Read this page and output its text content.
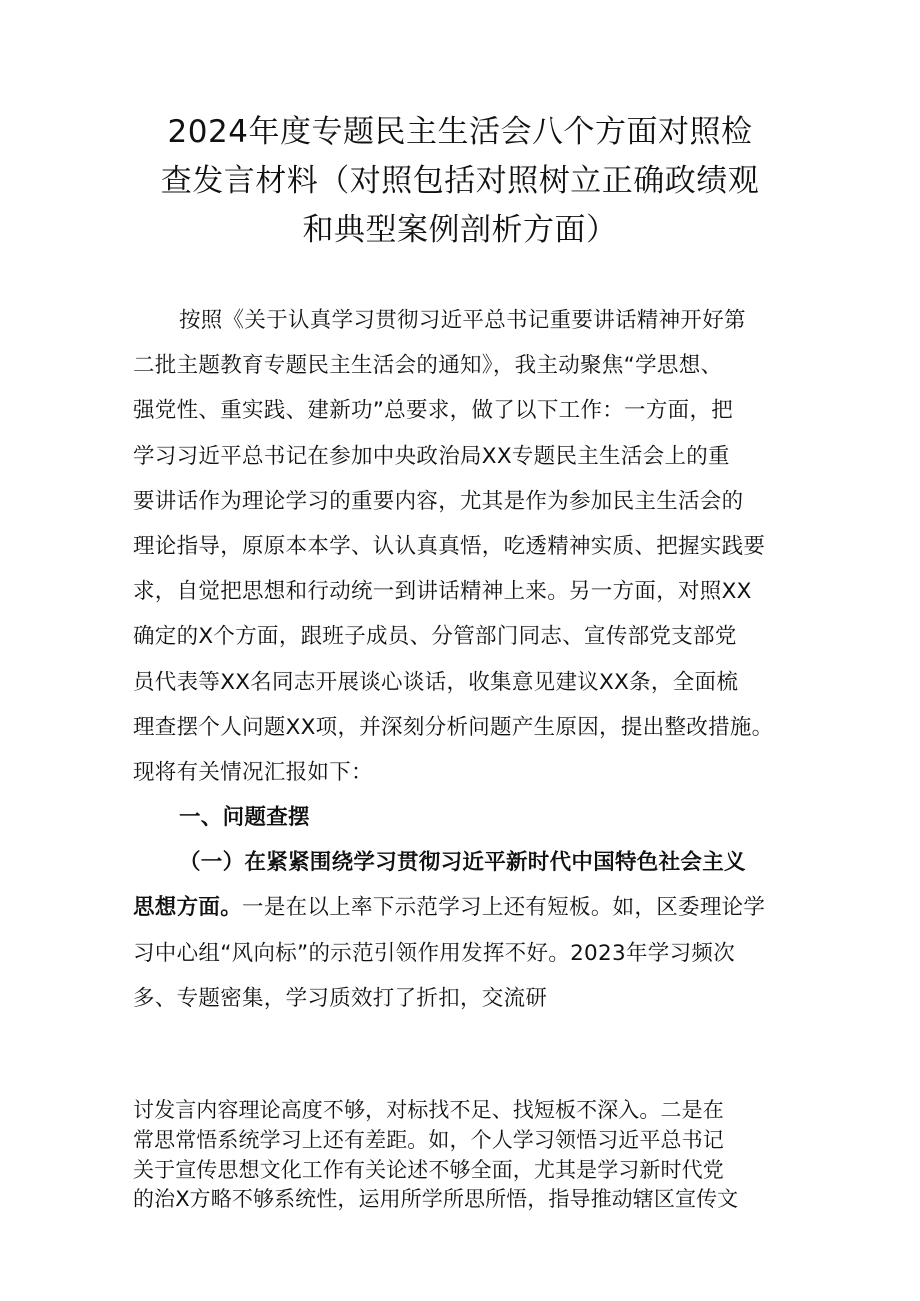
2024年度专题民主生活会八个方面对照检
查发言材料（对照包括对照树立正确政绩观
和典型案例剖析方面）
按照《关于认真学习贯彻习近平总书记重要讲话精神开好第
二批主题教育专题民主生活会的通知》，我主动聚焦“学思想、
强党性、重实践、建新功”总要求，做了以下工作：一方面，把
学习习近平总书记在参加中央政治局XX专题民主生活会上的重
要讲话作为理论学习的重要内容，尤其是作为参加民主生活会的
理论指导，原原本本学、认认真真悟，吃透精神实质、把握实践要
求，自觉把思想和行动统一到讲话精神上来。另一方面，对照XX
确定的X个方面，跟班子成员、分管部门同志、宣传部党支部党
员代表等XX名同志开展谈心谈话，收集意见建议XX条，全面梳
理查摆个人问题XX项，并深刻分析问题产生原因，提出整改措施。
现将有关情况汇报如下：
一、问题查摆
（一）在紧紧围绕学习贯彻习近平新时代中国特色社会主义
思想方面。一是在以上率下示范学习上还有短板。如，区委理论学
习中心组“风向标”的示范引领作用发挥不好。2023年学习频次
多、专题密集，学习质效打了折扣，交流研
讨发言内容理论高度不够，对标找不足、找短板不深入。二是在
常思常悟系统学习上还有差距。如，个人学习领悟习近平总书记
关于宣传思想文化工作有关论述不够全面，尤其是学习新时代党
的治X方略不够系统性，运用所学所思所悟，指导推动辖区宣传文
